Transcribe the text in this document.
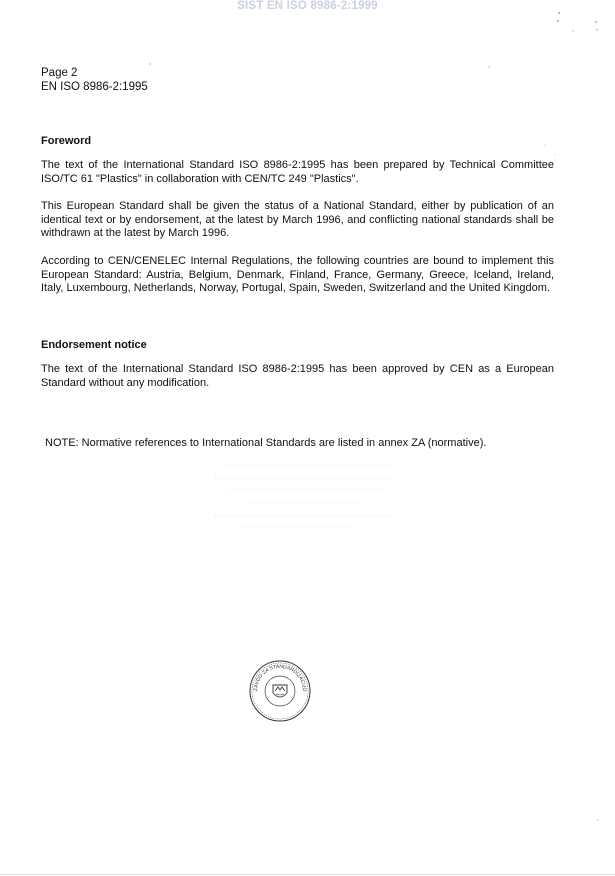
SIST EN ISO 8986-2:1999
Page 2
EN ISO 8986-2:1995
Foreword
The text of the International Standard ISO 8986-2:1995 has been prepared by Technical Committee ISO/TC 61 "Plastics" in collaboration with CEN/TC 249 "Plastics".
This European Standard shall be given the status of a National Standard, either by publication of an identical text or by endorsement, at the latest by March 1996, and conflicting national standards shall be withdrawn at the latest by March 1996.
According to CEN/CENELEC Internal Regulations, the following countries are bound to implement this European Standard: Austria, Belgium, Denmark, Finland, France, Germany, Greece, Iceland, Ireland, Italy, Luxembourg, Netherlands, Norway, Portugal, Spain, Sweden, Switzerland and the United Kingdom.
Endorsement notice
The text of the International Standard ISO 8986-2:1995 has been approved by CEN as a European Standard without any modification.
NOTE: Normative references to International Standards are listed in annex ZA (normative).
ZAVOD ZA STANDARDIZACIJO
